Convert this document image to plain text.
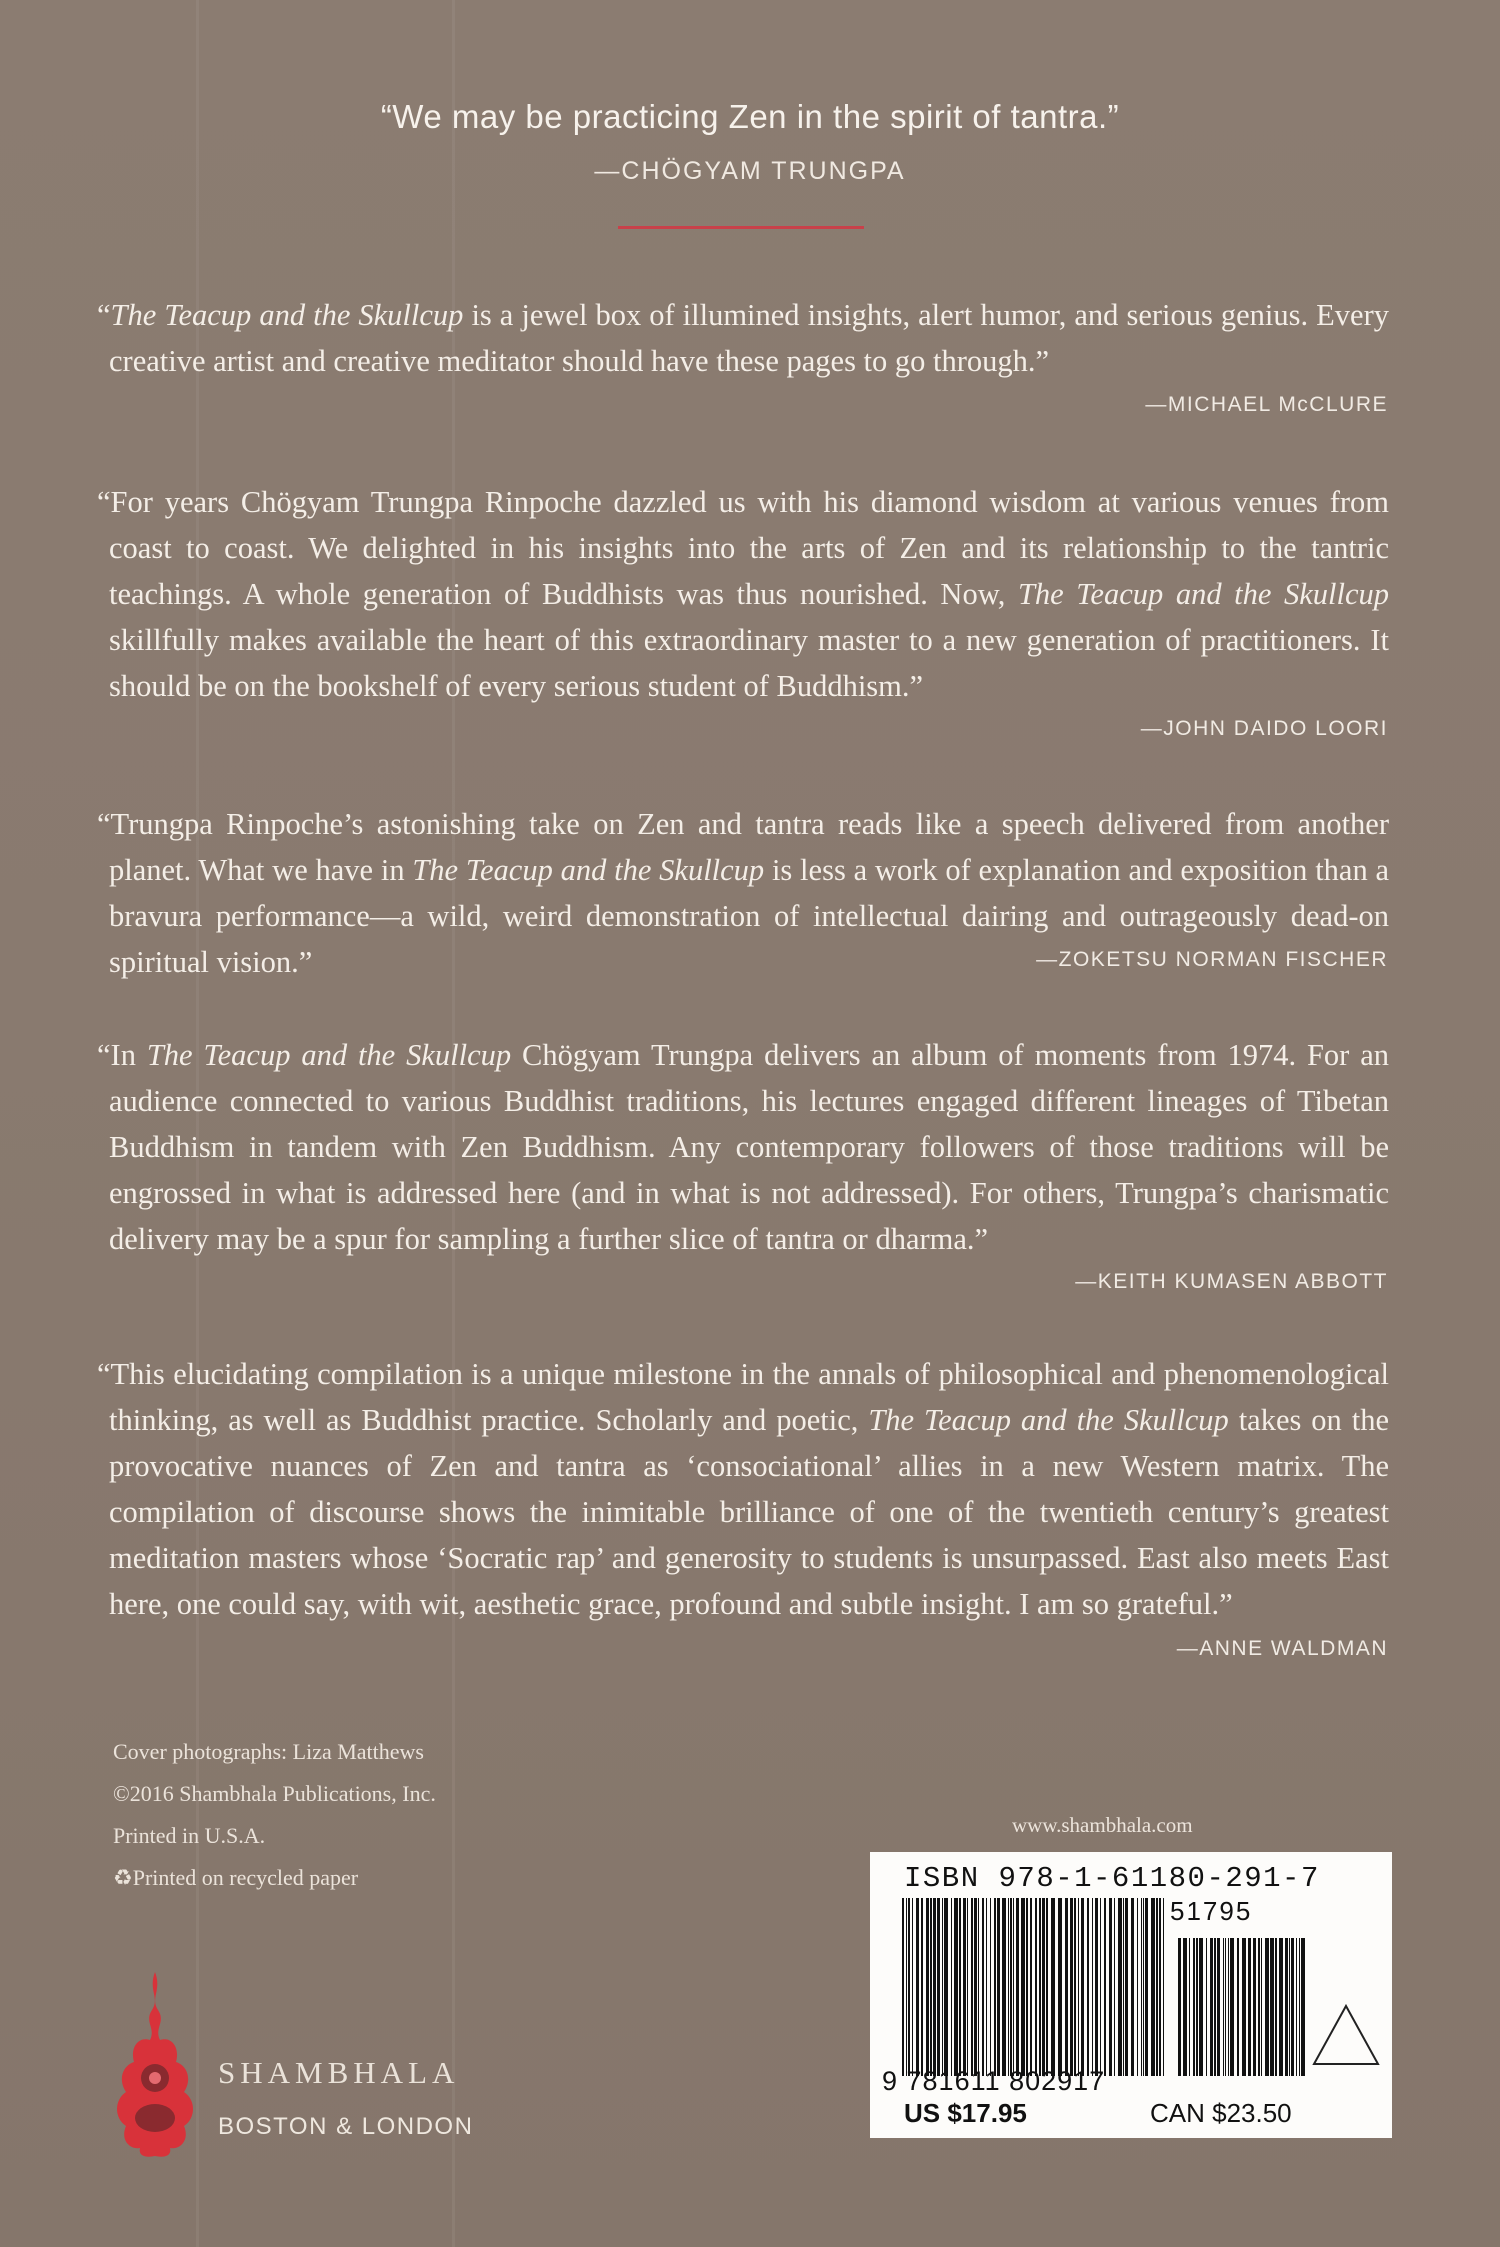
“We may be practicing Zen in the spirit of tantra.”
—CHÖGYAM TRUNGPA

“The Teacup and the Skullcup is a jewel box of illumined insights, alert humor, and serious genius. Every creative artist and creative meditator should have these pages to go through.”

—MICHAEL McCLURE

“For years Chögyam Trungpa Rinpoche dazzled us with his diamond wisdom at various venues from coast to coast. We delighted in his insights into the arts of Zen and its relationship to the tantric teachings. A whole generation of Buddhists was thus nourished. Now, The Teacup and the Skullcup skillfully makes available the heart of this extraordinary master to a new generation of practitioners. It should be on the bookshelf of every serious student of Buddhism.”

—JOHN DAIDO LOORI

“Trungpa Rinpoche’s astonishing take on Zen and tantra reads like a speech delivered from another planet. What we have in The Teacup and the Skullcup is less a work of explanation and exposition than a bravura performance—a wild, weird demonstration of intellectual dairing and outrageously dead-on spiritual vision.”	—ZOKETSU NORMAN FISCHER

“In The Teacup and the Skullcup Chögyam Trungpa delivers an album of moments from 1974. For an audience connected to various Buddhist traditions, his lectures engaged different lineages of Tibetan Buddhism in tandem with Zen Buddhism. Any contemporary followers of those traditions will be engrossed in what is addressed here (and in what is not addressed). For others, Trungpa’s charismatic delivery may be a spur for sampling a further slice of tantra or dharma.”

—KEITH KUMASEN ABBOTT

“This elucidating compilation is a unique milestone in the annals of philosophical and phenomenological thinking, as well as Buddhist practice. Scholarly and poetic, The Teacup and the Skullcup takes on the provocative nuances of Zen and tantra as ‘consociational’ allies in a new Western matrix. The compilation of discourse shows the inimitable brilliance of one of the twentieth century’s greatest meditation masters whose ‘Socratic rap’ and generosity to students is unsurpassed. East also meets East here, one could say, with wit, aesthetic grace, profound and subtle insight. I am so grateful.”

—ANNE WALDMAN
Cover photographs: Liza Matthews
©2016 Shambhala Publications, Inc.
Printed in U.S.A.
♻Printed on recycled paper
www.shambhala.com
ISBN 978-1-61180-291-7
51795
9 781611 802917
US $17.95	CAN $23.50
SHAMBHALA
BOSTON & LONDON
